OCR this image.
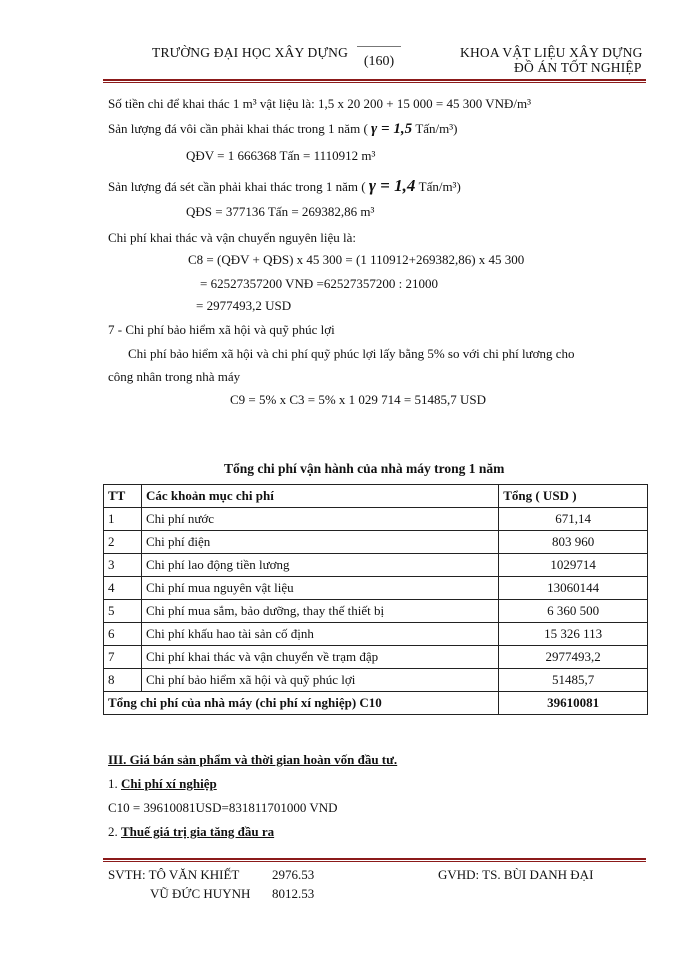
TRƯỜNG ĐẠI HỌC XÂY DỰNG
(160)
KHOA VẬT LIỆU XÂY DỰNG
ĐỒ ÁN TỐT NGHIỆP
Số tiền chi để khai thác 1 m³ vật liệu là: 1,5 x 20 200 + 15 000 = 45 300 VNĐ/m³
Sản lượng đá vôi cần phải khai thác trong 1 năm ( γ = 1,5 Tấn/m³)
QĐV = 1 666368 Tấn = 1110912 m³
Sản lượng đá sét cần phải khai thác trong 1 năm ( γ = 1,4 Tấn/m³)
QĐS = 377136 Tấn = 269382,86 m³
Chi phí khai thác và vận chuyển nguyên liệu là:
C8 = (QĐV + QĐS) x 45 300 = (1 110912+269382,86) x 45 300
= 62527357200 VNĐ =62527357200 : 21000
= 2977493,2 USD
7 - Chi phí bảo hiểm xã hội và quỹ phúc lợi
Chi phí bảo hiểm xã hội và chi phí quỹ phúc lợi lấy bằng 5% so với chi phí lương cho
công nhân trong nhà máy
C9 = 5% x C3 = 5% x 1 029 714 = 51485,7 USD
Tổng chi phí vận hành của nhà máy trong 1 năm
TT	Các khoản mục chi phí	Tổng ( USD )
1	Chi phí nước	671,14
2	Chi phí điện	803 960
3	Chi phí lao động tiền lương	1029714
4	Chi phí mua nguyên vật liệu	13060144
5	Chi phí mua sắm, bảo dưỡng, thay thế thiết bị	6 360 500
6	Chi phí khấu hao tài sản cố định	15 326 113
7	Chi phí khai thác và vận chuyển về trạm đập	2977493,2
8	Chi phí bảo hiểm xã hội và quỹ phúc lợi	51485,7
Tổng chi phí của nhà máy (chi phí xí nghiệp) C10		39610081
III. Giá bán sản phẩm và thời gian hoàn vốn đầu tư.
1. Chi phí xí nghiệp
C10 = 39610081USD=831811701000 VND
2. Thuế giá trị gia tăng đầu ra
SVTH: TÔ VĂN KHIẾT	2976.53
VŨ ĐỨC HUYNH 8012.53
GVHD: TS. BÙI DANH ĐẠI
